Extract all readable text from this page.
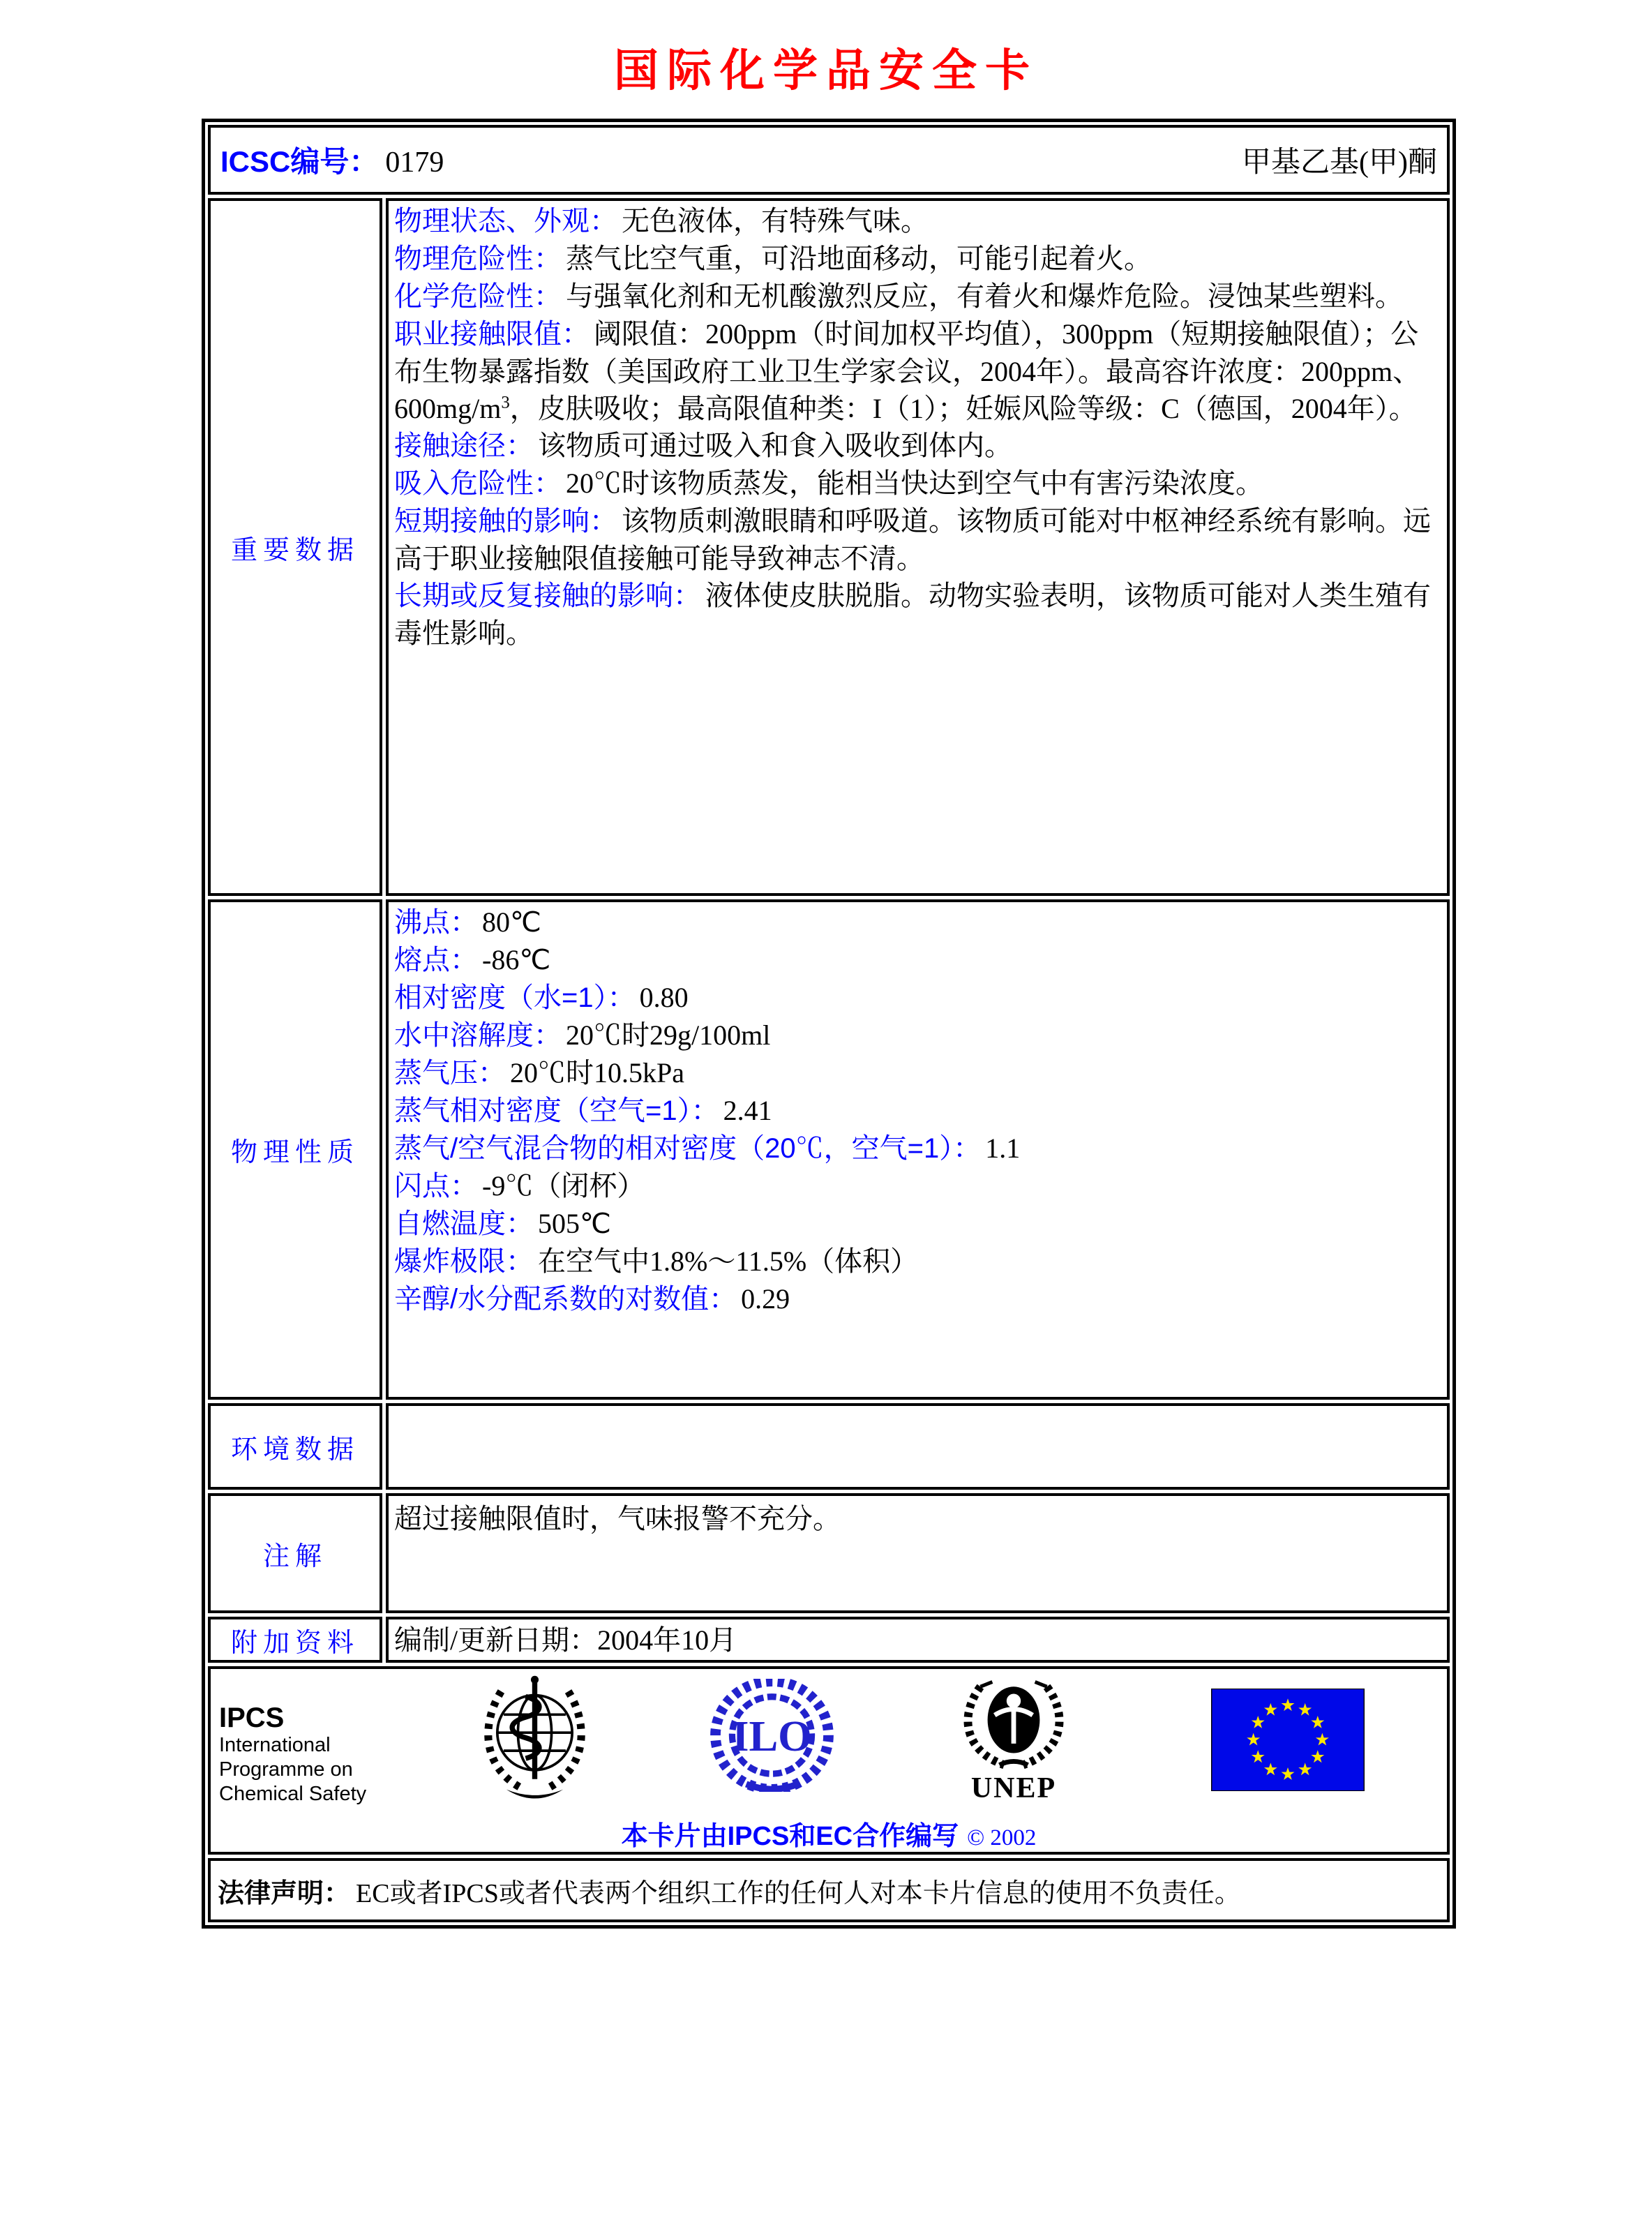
国际化学品安全卡
ICSC编号： 0179	甲基乙基(甲)酮
重要数据
物理状态、外观： 无色液体，有特殊气味。
物理危险性： 蒸气比空气重，可沿地面移动，可能引起着火。
化学危险性： 与强氧化剂和无机酸激烈反应，有着火和爆炸危险。浸蚀某些塑料。
职业接触限值： 阈限值：200ppm（时间加权平均值），300ppm（短期接触限值）；公布生物暴露指数（美国政府工业卫生学家会议，2004年）。最高容许浓度：200ppm、$600mg/m^3$，皮肤吸收；最高限值种类：I（1）；妊娠风险等级：C（德国，2004年）。
接触途径： 该物质可通过吸入和食入吸收到体内。
吸入危险性： 20℃时该物质蒸发，能相当快达到空气中有害污染浓度。
短期接触的影响： 该物质刺激眼睛和呼吸道。该物质可能对中枢神经系统有影响。远高于职业接触限值接触可能导致神志不清。
长期或反复接触的影响： 液体使皮肤脱脂。动物实验表明，该物质可能对人类生殖有毒性影响。
物理性质
沸点： 80℃
熔点： -86℃
相对密度（水=1）： 0.80
水中溶解度： 20℃时29g/100ml
蒸气压： 20℃时10.5kPa
蒸气相对密度（空气=1）： 2.41
蒸气/空气混合物的相对密度（20℃，空气=1）： 1.1
闪点： -9℃（闭杯）
自燃温度： 505℃
爆炸极限： 在空气中1.8%～11.5%（体积）
辛醇/水分配系数的对数值： 0.29
环境数据
注解
超过接触限值时，气味报警不充分。
附加资料 编制/更新日期：2004年10月
IPCS
International
Programme on
Chemical Safety
ILO
UNEP
本卡片由IPCS和EC合作编写 © 2002
法律声明： EC或者IPCS或者代表两个组织工作的任何人对本卡片信息的使用不负责任。
